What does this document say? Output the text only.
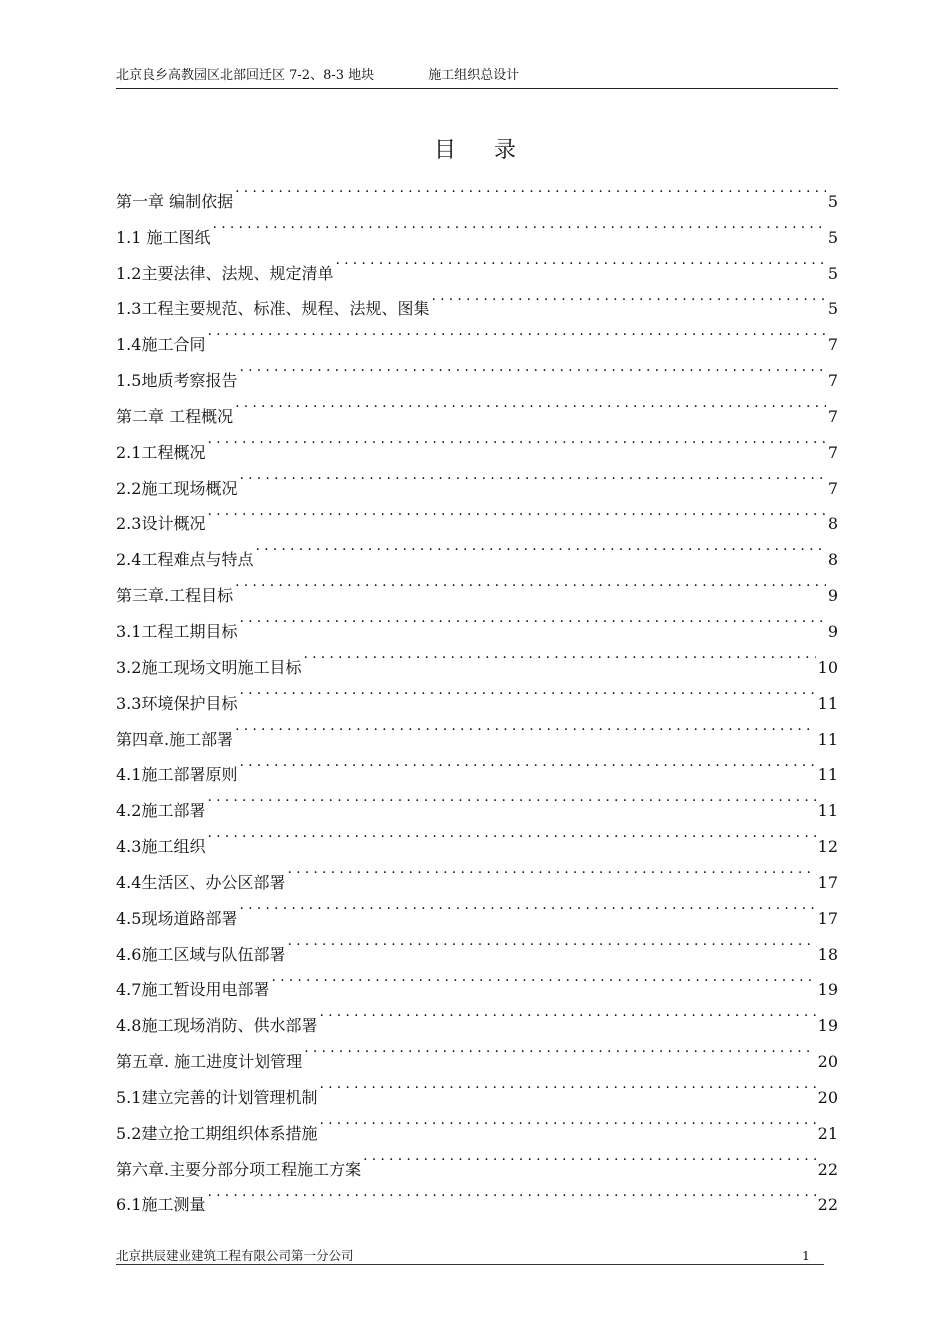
北京良乡高教园区北部回迁区 7-2、8-3 地块	施工组织总设计
目录
第一章 编制依据 .....	5
1.1 施工图纸 .....	5
1.2主要法律、法规、规定清单 .....	5
1.3工程主要规范、标准、规程、法规、图集 .....	5
1.4施工合同 .....	7
1.5地质考察报告 .....	7
第二章 工程概况 .....	7
2.1工程概况 .....	7
2.2施工现场概况 .....	7
2.3设计概况 .....	8
2.4工程难点与特点 .....	8
第三章.工程目标 .....	9
3.1工程工期目标 .....	9
3.2施工现场文明施工目标 .....	10
3.3环境保护目标 .....	11
第四章.施工部署 .....	11
4.1施工部署原则 .....	11
4.2施工部署 .....	11
4.3施工组织 .....	12
4.4生活区、办公区部署 .....	17
4.5现场道路部署 .....	17
4.6施工区域与队伍部署 .....	18
4.7施工暂设用电部署 .....	19
4.8施工现场消防、供水部署 .....	19
第五章. 施工进度计划管理 .....	20
5.1建立完善的计划管理机制 .....	20
5.2建立抢工期组织体系措施 .....	21
第六章.主要分部分项工程施工方案 .....	22
6.1施工测量 .....	22
北京拱辰建业建筑工程有限公司第一分公司	1
